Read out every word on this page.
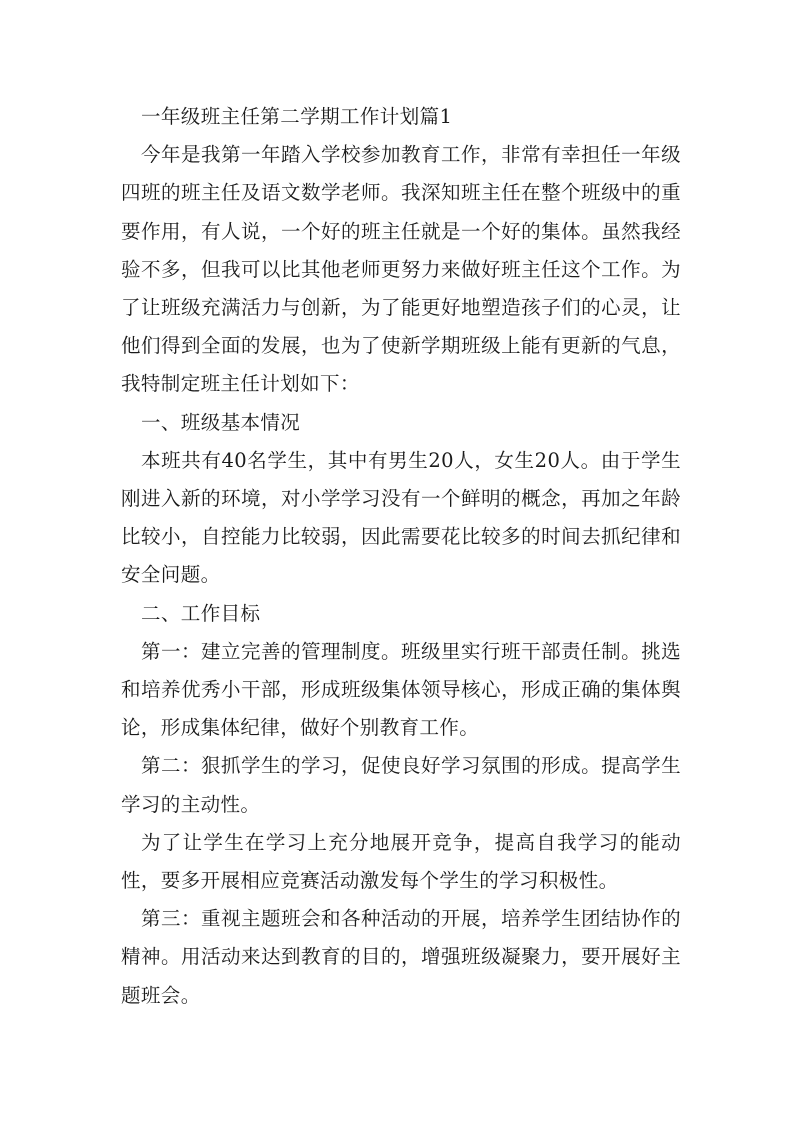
一年级班主任第二学期工作计划篇1

今年是我第一年踏入学校参加教育工作，非常有幸担任一年级四班的班主任及语文数学老师。我深知班主任在整个班级中的重要作用，有人说，一个好的班主任就是一个好的集体。虽然我经验不多，但我可以比其他老师更努力来做好班主任这个工作。为了让班级充满活力与创新，为了能更好地塑造孩子们的心灵，让他们得到全面的发展，也为了使新学期班级上能有更新的气息，我特制定班主任计划如下：

一、班级基本情况

本班共有40名学生，其中有男生20人，女生20人。由于学生刚进入新的环境，对小学学习没有一个鲜明的概念，再加之年龄比较小，自控能力比较弱，因此需要花比较多的时间去抓纪律和安全问题。

二、工作目标

第一：建立完善的管理制度。班级里实行班干部责任制。挑选和培养优秀小干部，形成班级集体领导核心，形成正确的集体舆论，形成集体纪律，做好个别教育工作。

第二：狠抓学生的学习，促使良好学习氛围的形成。提高学生学习的主动性。

为了让学生在学习上充分地展开竞争，提高自我学习的能动性，要多开展相应竞赛活动激发每个学生的学习积极性。

第三：重视主题班会和各种活动的开展，培养学生团结协作的精神。用活动来达到教育的目的，增强班级凝聚力，要开展好主题班会。
